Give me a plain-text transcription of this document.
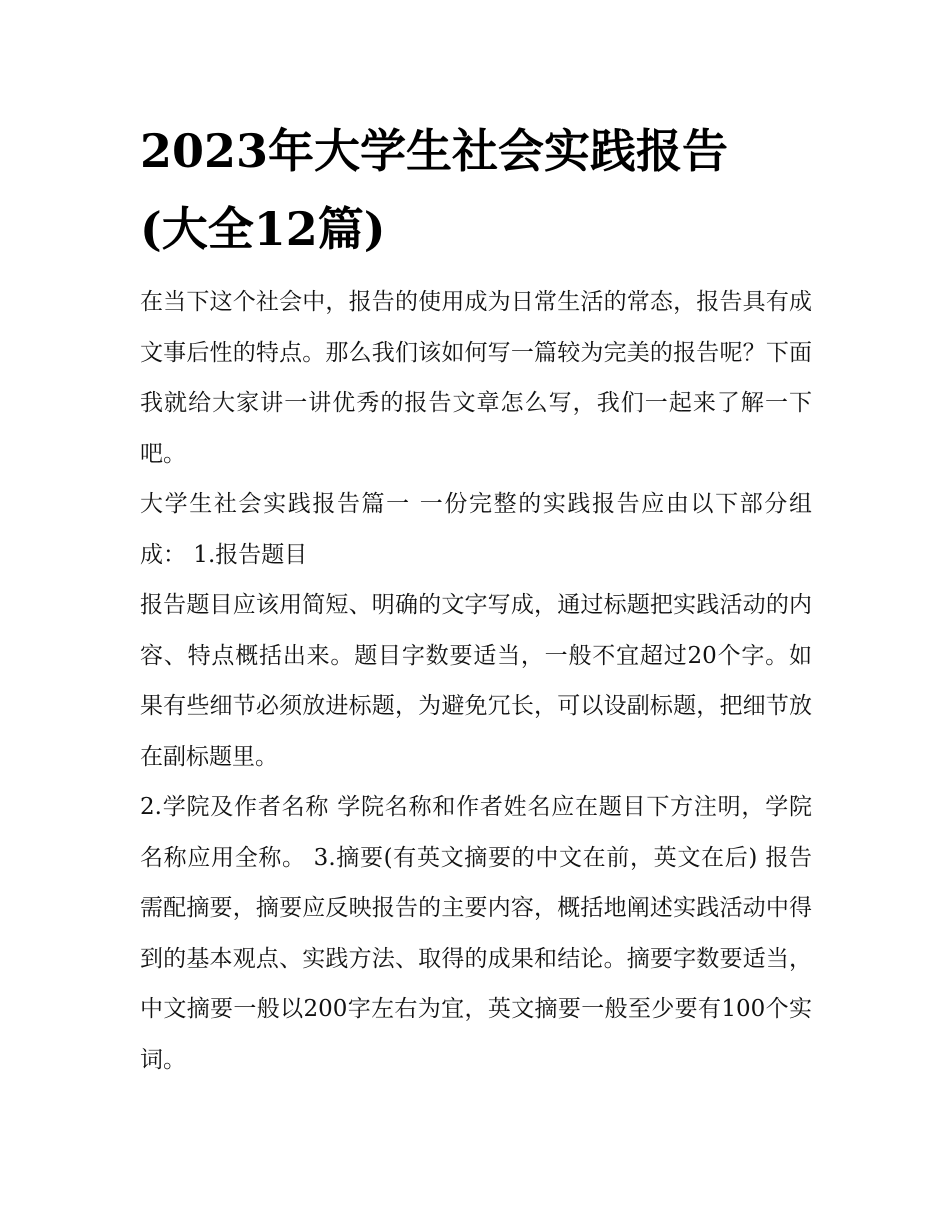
2023年大学生社会实践报告
(大全12篇)

在当下这个社会中，报告的使用成为日常生活的常态，报告具有成文事后性的特点。那么我们该如何写一篇较为完美的报告呢？下面我就给大家讲一讲优秀的报告文章怎么写，我们一起来了解一下吧。

大学生社会实践报告篇一 一份完整的实践报告应由以下部分组成： 1.报告题目

报告题目应该用简短、明确的文字写成，通过标题把实践活动的内容、特点概括出来。题目字数要适当，一般不宜超过20个字。如果有些细节必须放进标题，为避免冗长，可以设副标题，把细节放在副标题里。

2.学院及作者名称 学院名称和作者姓名应在题目下方注明，学院名称应用全称。 3.摘要(有英文摘要的中文在前，英文在后) 报告需配摘要，摘要应反映报告的主要内容，概括地阐述实践活动中得到的基本观点、实践方法、取得的成果和结论。摘要字数要适当，中文摘要一般以200字左右为宜，英文摘要一般至少要有100个实词。
